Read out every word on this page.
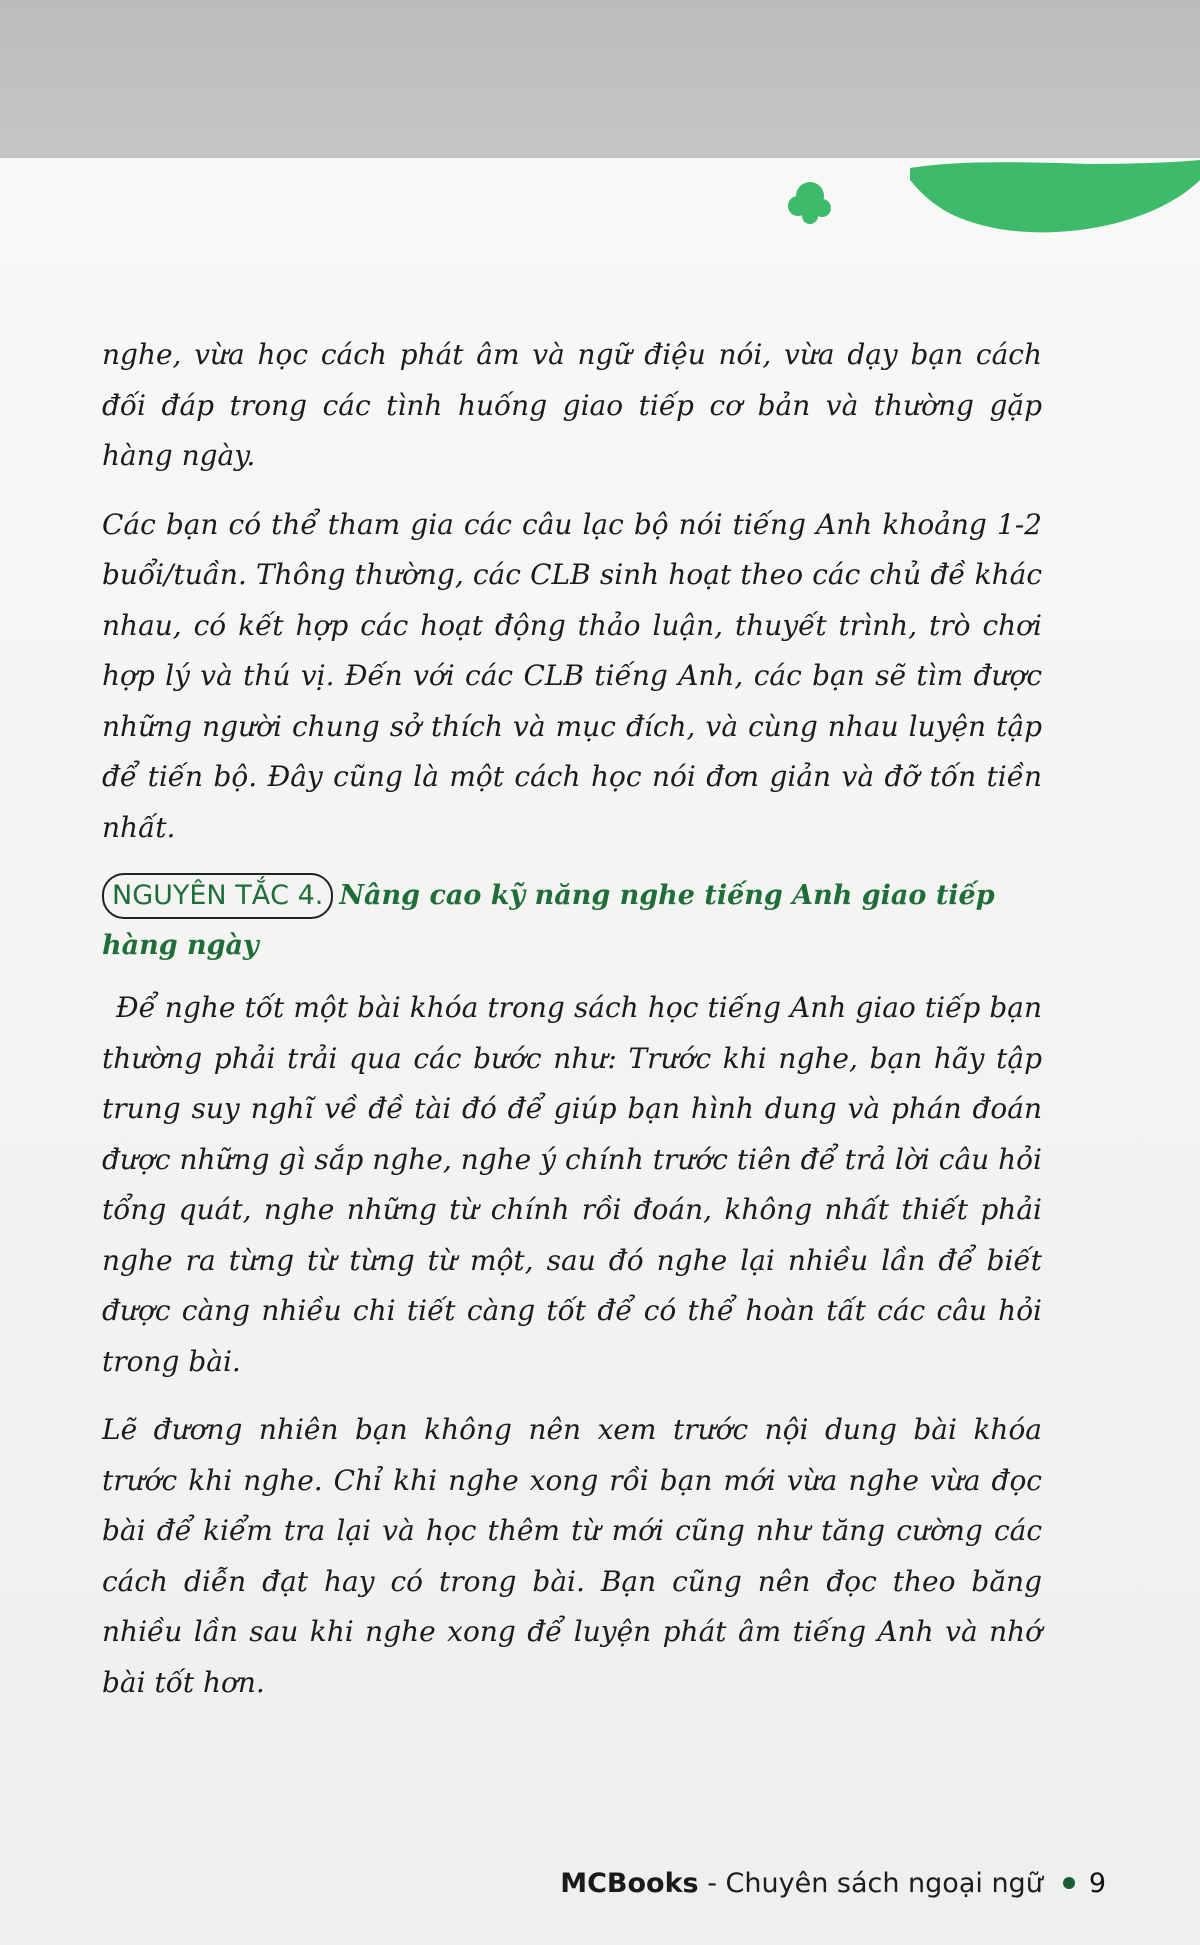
nghe, vừa học cách phát âm và ngữ điệu nói, vừa dạy bạn cách đối đáp trong các tình huống giao tiếp cơ bản và thường gặp hàng ngày.

Các bạn có thể tham gia các câu lạc bộ nói tiếng Anh khoảng 1-2 buổi/tuần. Thông thường, các CLB sinh hoạt theo các chủ đề khác nhau, có kết hợp các hoạt động thảo luận, thuyết trình, trò chơi hợp lý và thú vị. Đến với các CLB tiếng Anh, các bạn sẽ tìm được những người chung sở thích và mục đích, và cùng nhau luyện tập để tiến bộ. Đây cũng là một cách học nói đơn giản và đỡ tốn tiền nhất.

NGUYÊN TẮC 4. Nâng cao kỹ năng nghe tiếng Anh giao tiếp hàng ngày

Để nghe tốt một bài khóa trong sách học tiếng Anh giao tiếp bạn thường phải trải qua các bước như: Trước khi nghe, bạn hãy tập trung suy nghĩ về đề tài đó để giúp bạn hình dung và phán đoán được những gì sắp nghe, nghe ý chính trước tiên để trả lời câu hỏi tổng quát, nghe những từ chính rồi đoán, không nhất thiết phải nghe ra từng từ từng từ một, sau đó nghe lại nhiều lần để biết được càng nhiều chi tiết càng tốt để có thể hoàn tất các câu hỏi trong bài.

Lẽ đương nhiên bạn không nên xem trước nội dung bài khóa trước khi nghe. Chỉ khi nghe xong rồi bạn mới vừa nghe vừa đọc bài để kiểm tra lại và học thêm từ mới cũng như tăng cường các cách diễn đạt hay có trong bài. Bạn cũng nên đọc theo băng nhiều lần sau khi nghe xong để luyện phát âm tiếng Anh và nhớ bài tốt hơn.

MCBooks - Chuyên sách ngoại ngữ 9
